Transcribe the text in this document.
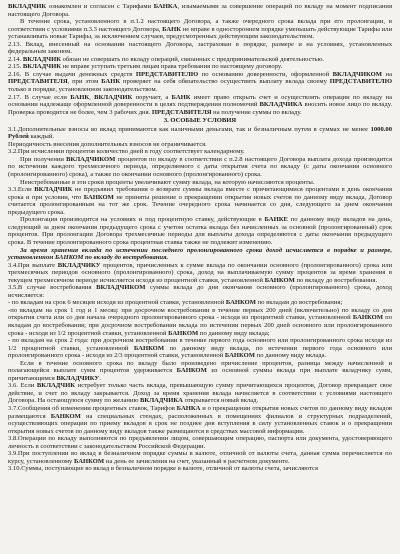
ВКЛАДЧИК ознакомлен и согласен с Тарифами БАНКА, изымаемыми за совершение операций по вкладу на момент подписания настоящего Договора.

В течение срока, установленного в п.1.2 настоящего Договора, а также очередного срока вклада при его пролонгации, в соответствии с условиями п.3.3 настоящего Договора, БАНК не вправе в одностороннем порядке уменьшать действующие Тарифы или устанавливать новые Тарифы, за исключением случаев, предусмотренных действующим законодательством.

2.13. Вклад, внесенный на основании настоящего Договора, застрахован в порядке, размере и на условиях, установленных федеральным законом.

2.14. ВКЛАДЧИК обязан не совершать по вкладу операций, связанных с предпринимательской деятельностью.

2.15. ВКЛАДЧИК не вправе уступать третьим лицам права требования по настоящему договору.

2.16. В случае выдачи денежных средств ПРЕДСТАВИТЕЛЮ по основанию доверенности, оформленной ВКЛАДЧИКОМ на ПРЕДСТАВИТЕЛЯ, при этом БАНК проверяет на себя обязательство осуществить выплату вклада своему ПРЕДСТАВИТЕЛЮ только в порядке, установленном законодательством.

2.17. В случае если БАНК, ВКЛАДЧИК поручает, а БАНК имеет право открыть счет и осуществлять операции по вкладу на основании надлежаще оформленной доверенности в целях подтверждения полномочий ВКЛАДЧИКА вносить новое лицо по вкладу. Проверка проводится не более, чем 3 рабочих дня. ПРЕДСТАВИТЕЛЯ на получение суммы по вкладу.

3. ОСОБЫЕ УСЛОВИЯ

3.1.Дополнительные взносы во вклад принимаются как наличными деньгами, так и безналичным путем в суммах не менее 1000.00 Рублей каждый.

Периодичность внесения дополнительных взносов не ограничивается.

3.2.При исчислении процентов количество дней в году соответствует календарному.

При получении ВКЛАДЧИКОМ процентов по вкладу в соответствии с п.2.8 настоящего Договора выплата дохода производится по истечении каждого трехмесячного периода, определяемого с даты открытия счета по вкладу (с даты окончания основного (пролонгированного) срока), а также по окончании основного (пролонгированного) срока.

Неистребованные в эти сроки проценты увеличивают сумму вклада, на которую начисляются проценты.

3.3.Если ВКЛАДЧИК не предъявил требования о возврате суммы вклада вместе с причитающимися процентами в день окончания срока и при условии, что БАНКОМ не приняты решение о прекращении открытия новых счетов по данному виду вклада, Договор считается пролонгированным на тот же срок. Течение очередного срока начинается со дня, следующего за днем окончания предыдущего срока.

Пролонгация производится на условиях и под процентную ставку, действующие в БАНКЕ по данному виду вкладов на день, следующий за днем окончания предыдущего срока с учетом остатка вклада без начисленных за основной (пролонгированный) срок процентов. При пролонгации Договора трехмесячные периоды для выплаты дохода определяются с даты окончания предыдущего срока. В течение пролонгированного срока процентная ставка также не подлежит изменению.

За время хранения вклада по истечении последнего пролонгированного срока доход исчисляется в порядке и размере, установленном БАНКОМ по вкладу до востребования.

3.4.При выплате ВКЛАДЧИКУ процентов, причисленных к сумме вклада по окончании основного (пролонгированного) срока или трехмесячных периодов основного (пролонгированного) срока, доход на выплачиваемую сумму процентов за время хранения в текущем трехмесячном периоде исчисляется исходя из процентной ставки, установленной БАНКОМ по вкладу до востребования.

3.5.В случае востребования ВКЛАДЧИКОМ суммы вклада до дня окончания основного (пролонгированного) срока, доход исчисляется:

- по вкладам на срок 6 месяцев исходя из процентной ставки, установленной БАНКОМ по вкладам до востребования;

-по вкладам на срок 1 год и 1 месяц: при досрочном востребовании в течение первых 200 дней (включительно) по вкладу со дня открытия счета или со дня начала очередного пролонгированного срока - исходя из процентной ставки, установленной БАНКОМ по вкладам до востребования; при досрочном востребовании вклада по истечении первых 200 дней основного или пролонгированного срока - исходя из 1/2 процентной ставки, установленной БАНКОМ по данному виду вклада;

- по вкладам на срок 2 года: при досрочном востребовании в течение первого года основного или пролонгированного срока исходя из 1/2 процентной ставки, установленной БАНКОМ по данному виду вклада, по истечении первого года основного или пролонгированного срока - исходя из 2/3 процентной ставки, установленной БАНКОМ по данному виду вклада.

Если в течение основного срока по вкладу было произведено причисление процентов, разница между начисленной и полагающейся выплате сумм процентов удерживается БАНКОМ из основной суммы вклада при выплате вкладчику сумм, причитающимся ВКЛАДЧИКУ.

3.6. Если ВКЛАДЧИК истребует только часть вклада, превышающую сумму причитающихся процентов, Договор прекращает свое действие, и счет по вкладу закрывается. Доход за время хранения вклада начисляется в соответствии с условиями настоящего Договора. На остающуюся сумму по желанию ВКЛАДЧИКА открывается новый вклад.

3.7.Сообщения об изменении процентных ставок, Тарифов БАНКА и о прекращении открытия новых счетов по данному виду вкладов размещаются БАНКОМ на специальных стендах, расположенных в помещениях филиалов и структурных подразделений, осуществляющих операции по приему вкладов в срок не позднее дня вступления в силу установленных ставок и о прекращении открытия новых счетов по данному виду вкладов также размещаются в средствах массовой информации.

3.8.Операции по вкладу выполняются по предъявлении лицом, совершающим операцию, паспорта или документа, удостоверяющего личность в соответствии с законодательством Российской Федерации.

3.9.При поступлении во вклад в безналичном порядке суммы в валюте, отличной от валюты счета, данная сумма перечисляется по курсу, установленному БАНКОМ на день ее зачисления на счет, указанный в расчетном документе.

3.10.Суммы, поступающие во вклад в безналичном порядке в валюте, отличной от валюты счета, зачисляются
